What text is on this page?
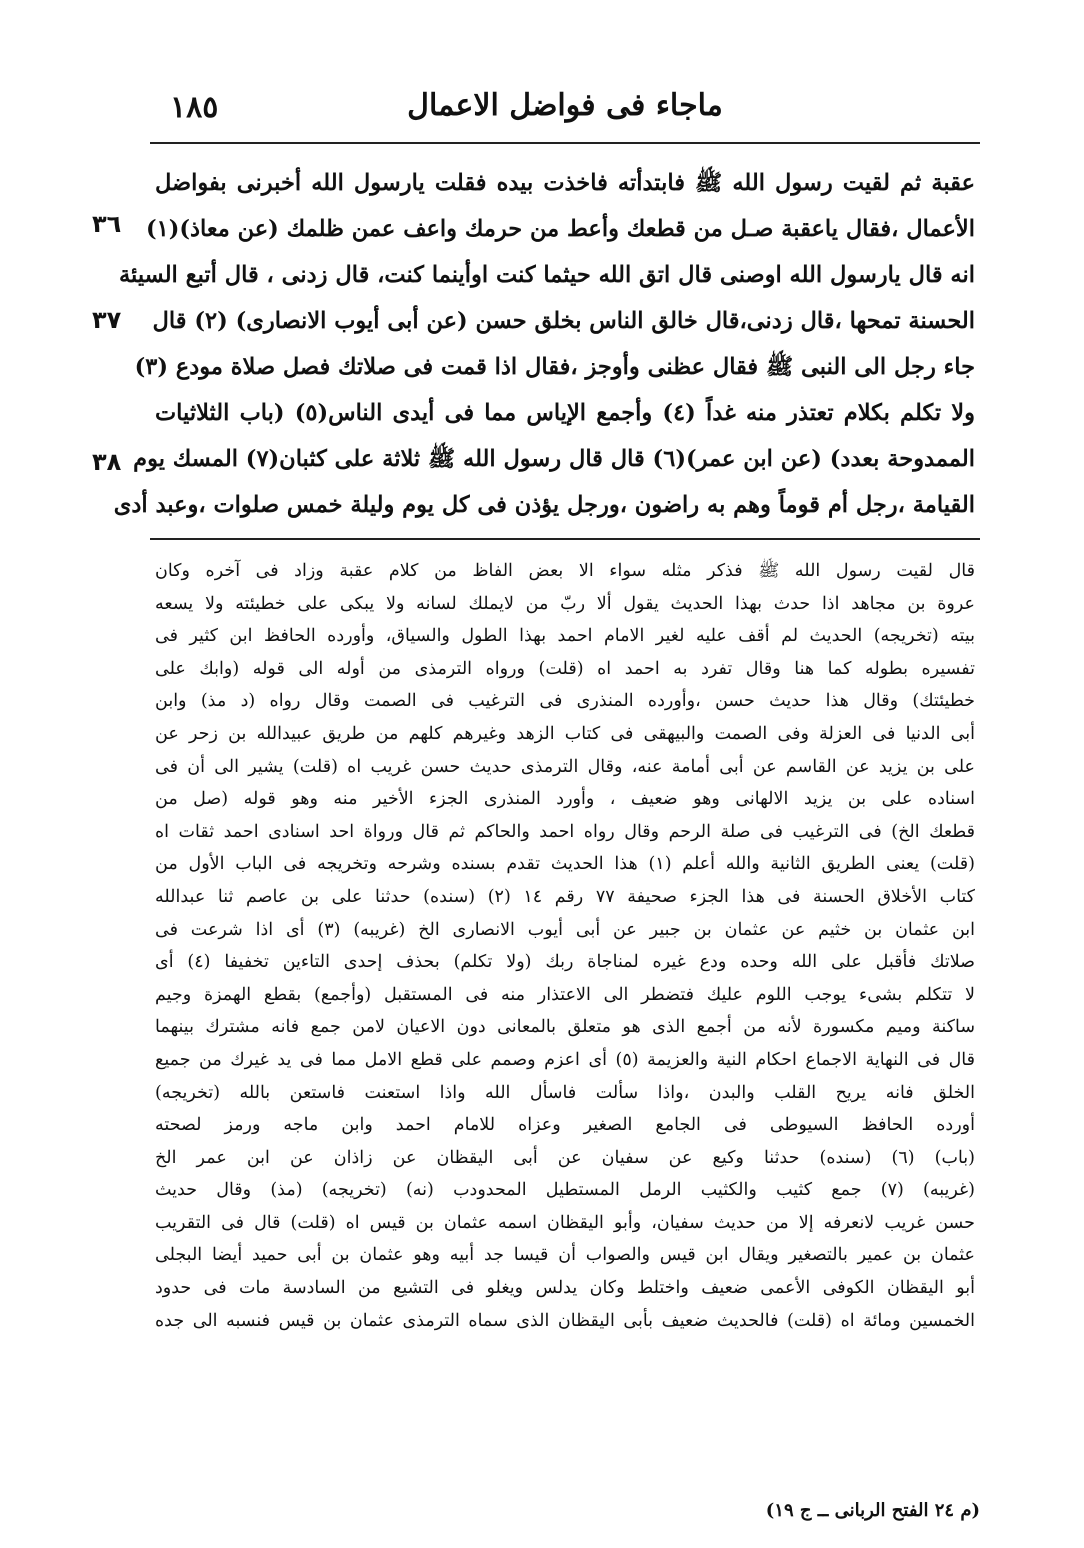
١٨٥	ماجاء فى فواضل الاعمال
٣٦
٣٧
٣٨
عقبة ثم لقيت رسول الله ﷺ فابتدأته فاخذت بيده فقلت يارسول الله أخبرنى بفواضل
الأعمال ،فقال ياعقبة صـل من قطعك وأعط من حرمك واعف عمن ظلمك (عن معاذ)(١)
انه قال يارسول الله اوصنى قال اتق الله حيثما كنت اوأينما كنت، قال زدنى ، قال أتبع السيئة
الحسنة تمحها ،قال زدنى،قال خالق الناس بخلق حسن (عن أبى أيوب الانصارى) (٢) قال
جاء رجل الى النبى ﷺ فقال عظنى وأوجز ،فقال اذا قمت فى صلاتك فصل صلاة مودع (٣)
ولا تكلم بكلام تعتذر منه غداً (٤) وأجمع الإياس مما فى أيدى الناس(٥) (باب الثلاثيات
الممدوحة بعدد) (عن ابن عمر)(٦) قال قال رسول الله ﷺ ثلاثة على كثبان(٧) المسك يوم
القيامة ،رجل أم قوماً وهم به راضون ،ورجل يؤذن فى كل يوم وليلة خمس صلوات ،وعبد أدى
قال لقيت رسول الله ﷺ فذكر مثله سواء الا بعض الفاظ من كلام عقبة وزاد فى آخره وكان
عروة بن مجاهد اذا حدث بهذا الحديث يقول ألا ربّ من لايملك لسانه ولا يبكى على خطيئته ولا يسعه
بيته (تخريجه) الحديث لم أقف عليه لغير الامام احمد بهذا الطول والسياق، وأورده الحافظ ابن كثير فى
تفسيره بطوله كما هنا وقال تفرد به احمد اه (قلت) ورواه الترمذى من أوله الى قوله (وابك على
خطيئتك) وقال هذا حديث حسن ،وأورده المنذرى فى الترغيب فى الصمت وقال رواه (د مذ) وابن
أبى الدنيا فى العزلة وفى الصمت والبيهقى فى كتاب الزهد وغيرهم كلهم من طريق عبيدالله بن زحر عن
على بن يزيد عن القاسم عن أبى أمامة عنه، وقال الترمذى حديث حسن غريب اه (قلت) يشير الى أن فى
اسناده على بن يزيد الالهانى وهو ضعيف ، وأورد المنذرى الجزء الأخير منه وهو قوله (صل من
قطعك الخ) فى الترغيب فى صلة الرحم وقال رواه احمد والحاكم ثم قال ورواة احد اسنادى احمد ثقات اه
(قلت) يعنى الطريق الثانية والله أعلم (١) هذا الحديث تقدم بسنده وشرحه وتخريجه فى الباب الأول من
كتاب الأخلاق الحسنة فى هذا الجزء صحيفة ٧٧ رقم ١٤ (٢) (سنده) حدثنا على بن عاصم ثنا عبدالله
ابن عثمان بن خثيم عن عثمان بن جبير عن أبى أيوب الانصارى الخ (غريبه) (٣) أى اذا شرعت فى
صلاتك فأقبل على الله وحده ودع غيره لمناجاة ربك (ولا تكلم) بحذف إحدى التاءين تخفيفا (٤) أى
لا تتكلم بشىء يوجب اللوم عليك فتضطر الى الاعتذار منه فى المستقبل (وأجمع) بقطع الهمزة وجيم
ساكنة وميم مكسورة لأنه من أجمع الذى هو متعلق بالمعانى دون الاعيان لامن جمع فانه مشترك بينهما
قال فى النهاية الاجماع احكام النية والعزيمة (٥) أى اعزم وصمم على قطع الامل مما فى يد غيرك من جميع
الخلق فانه يريح القلب والبدن ،واذا سألت فاسأل الله واذا استعنت فاستعن بالله (تخريجه)
أورده الحافظ السيوطى فى الجامع الصغير وعزاه للامام احمد وابن ماجه ورمز لصحته
(باب) (٦) (سنده) حدثنا وكيع عن سفيان عن أبى اليقظان عن زاذان عن ابن عمر الخ
(غريبه) (٧) جمع كثيب والكثيب الرمل المستطيل المحدودب (نه) (تخريجه) (مذ) وقال حديث
حسن غريب لانعرفه إلا من حديث سفيان، وأبو اليقظان اسمه عثمان بن قيس اه (قلت) قال فى التقريب
عثمان بن عمير بالتصغير ويقال ابن قيس والصواب أن قيسا جد أبيه وهو عثمان بن أبى حميد أيضا البجلى
أبو اليقظان الكوفى الأعمى ضعيف واختلط وكان يدلس ويغلو فى التشيع من السادسة مات فى حدود
الخمسين ومائة اه (قلت) فالحديث ضعيف بأبى اليقظان الذى سماه الترمذى عثمان بن قيس فنسبه الى جده
(م ٢٤ الفتح الربانى ــ ج ١٩)
